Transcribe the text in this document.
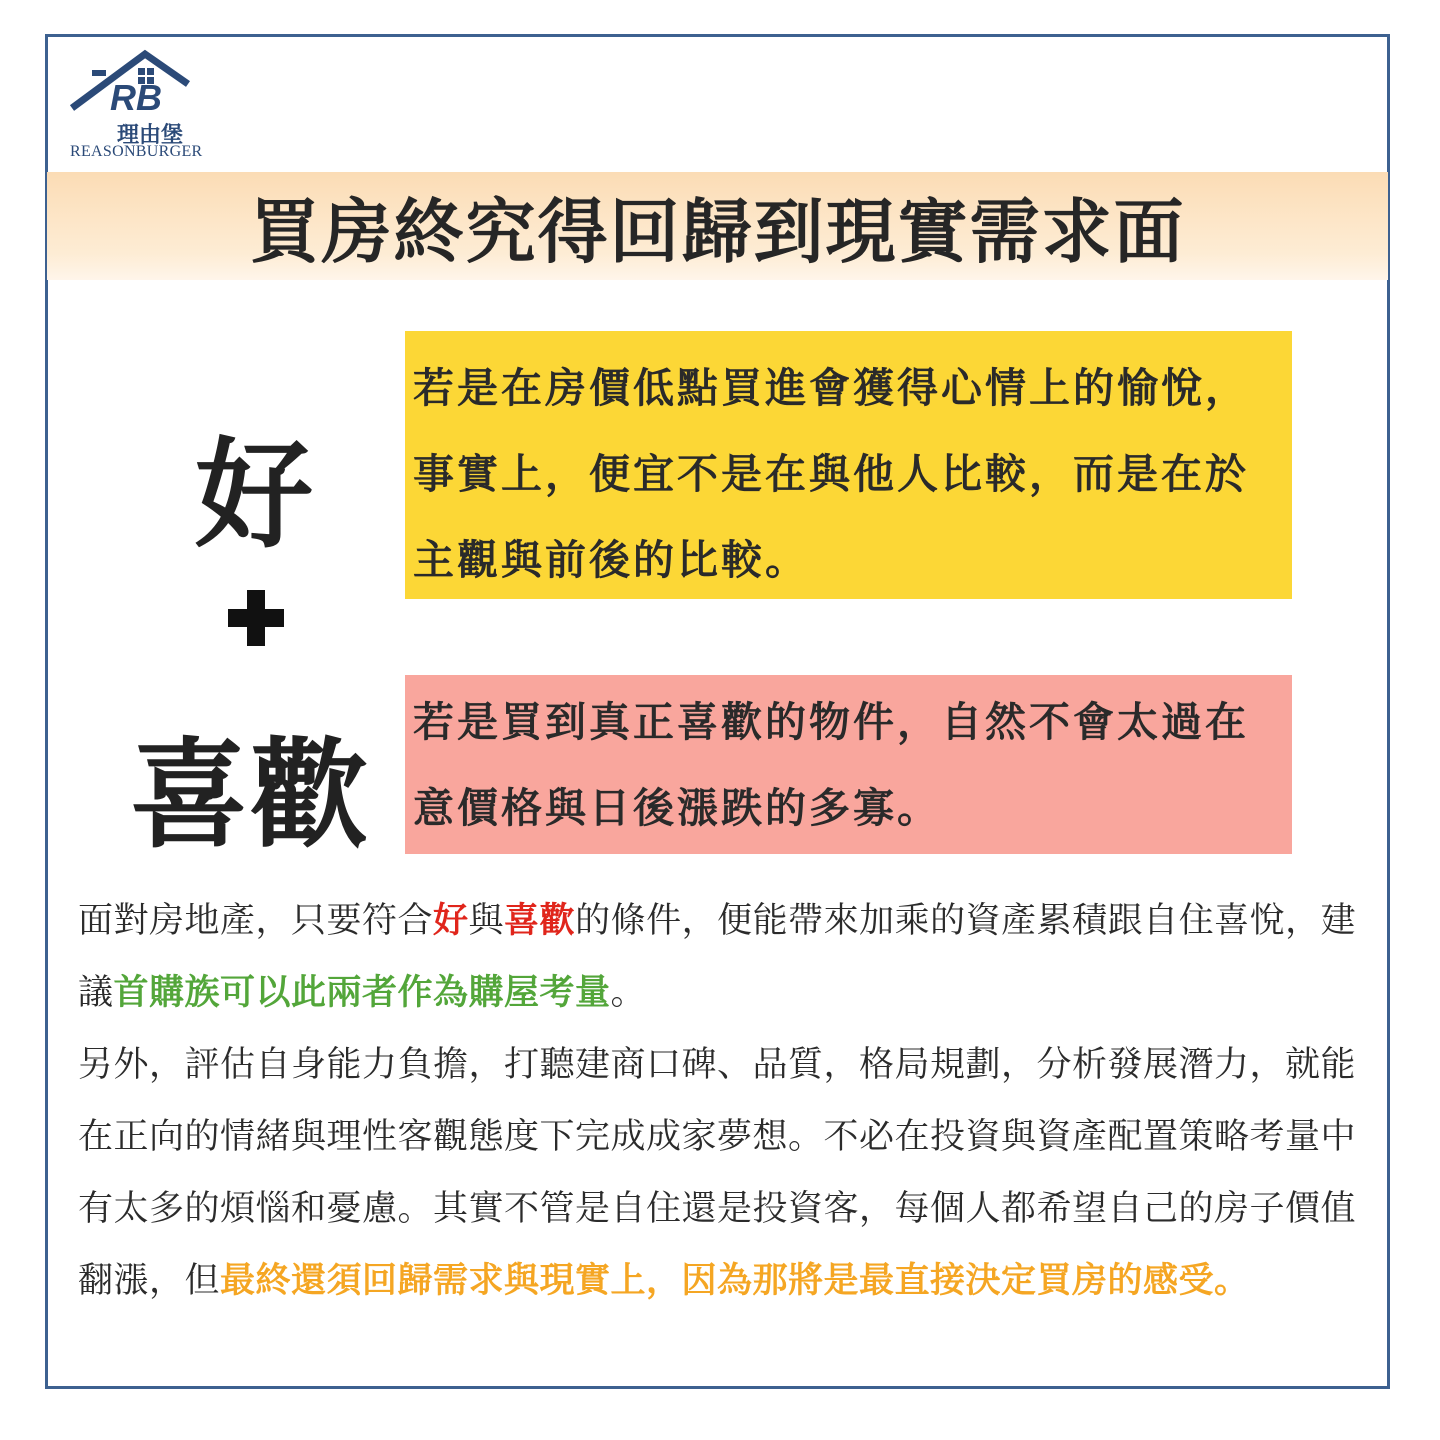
RB
理由堡
REASONBURGER
買房終究得回歸到現實需求面
好
喜歡
若是在房價低點買進會獲得心情上的愉悅，事實上，便宜不是在與他人比較，而是在於主觀與前後的比較。
若是買到真正喜歡的物件，自然不會太過在意價格與日後漲跌的多寡。
面對房地產，只要符合好與喜歡的條件，便能帶來加乘的資產累積跟自住喜悅，建議首購族可以此兩者作為購屋考量。
另外，評估自身能力負擔，打聽建商口碑、品質，格局規劃，分析發展潛力，就能在正向的情緒與理性客觀態度下完成成家夢想。不必在投資與資產配置策略考量中有太多的煩惱和憂慮。其實不管是自住還是投資客，每個人都希望自己的房子價值翻漲，但最終還須回歸需求與現實上，因為那將是最直接決定買房的感受。
